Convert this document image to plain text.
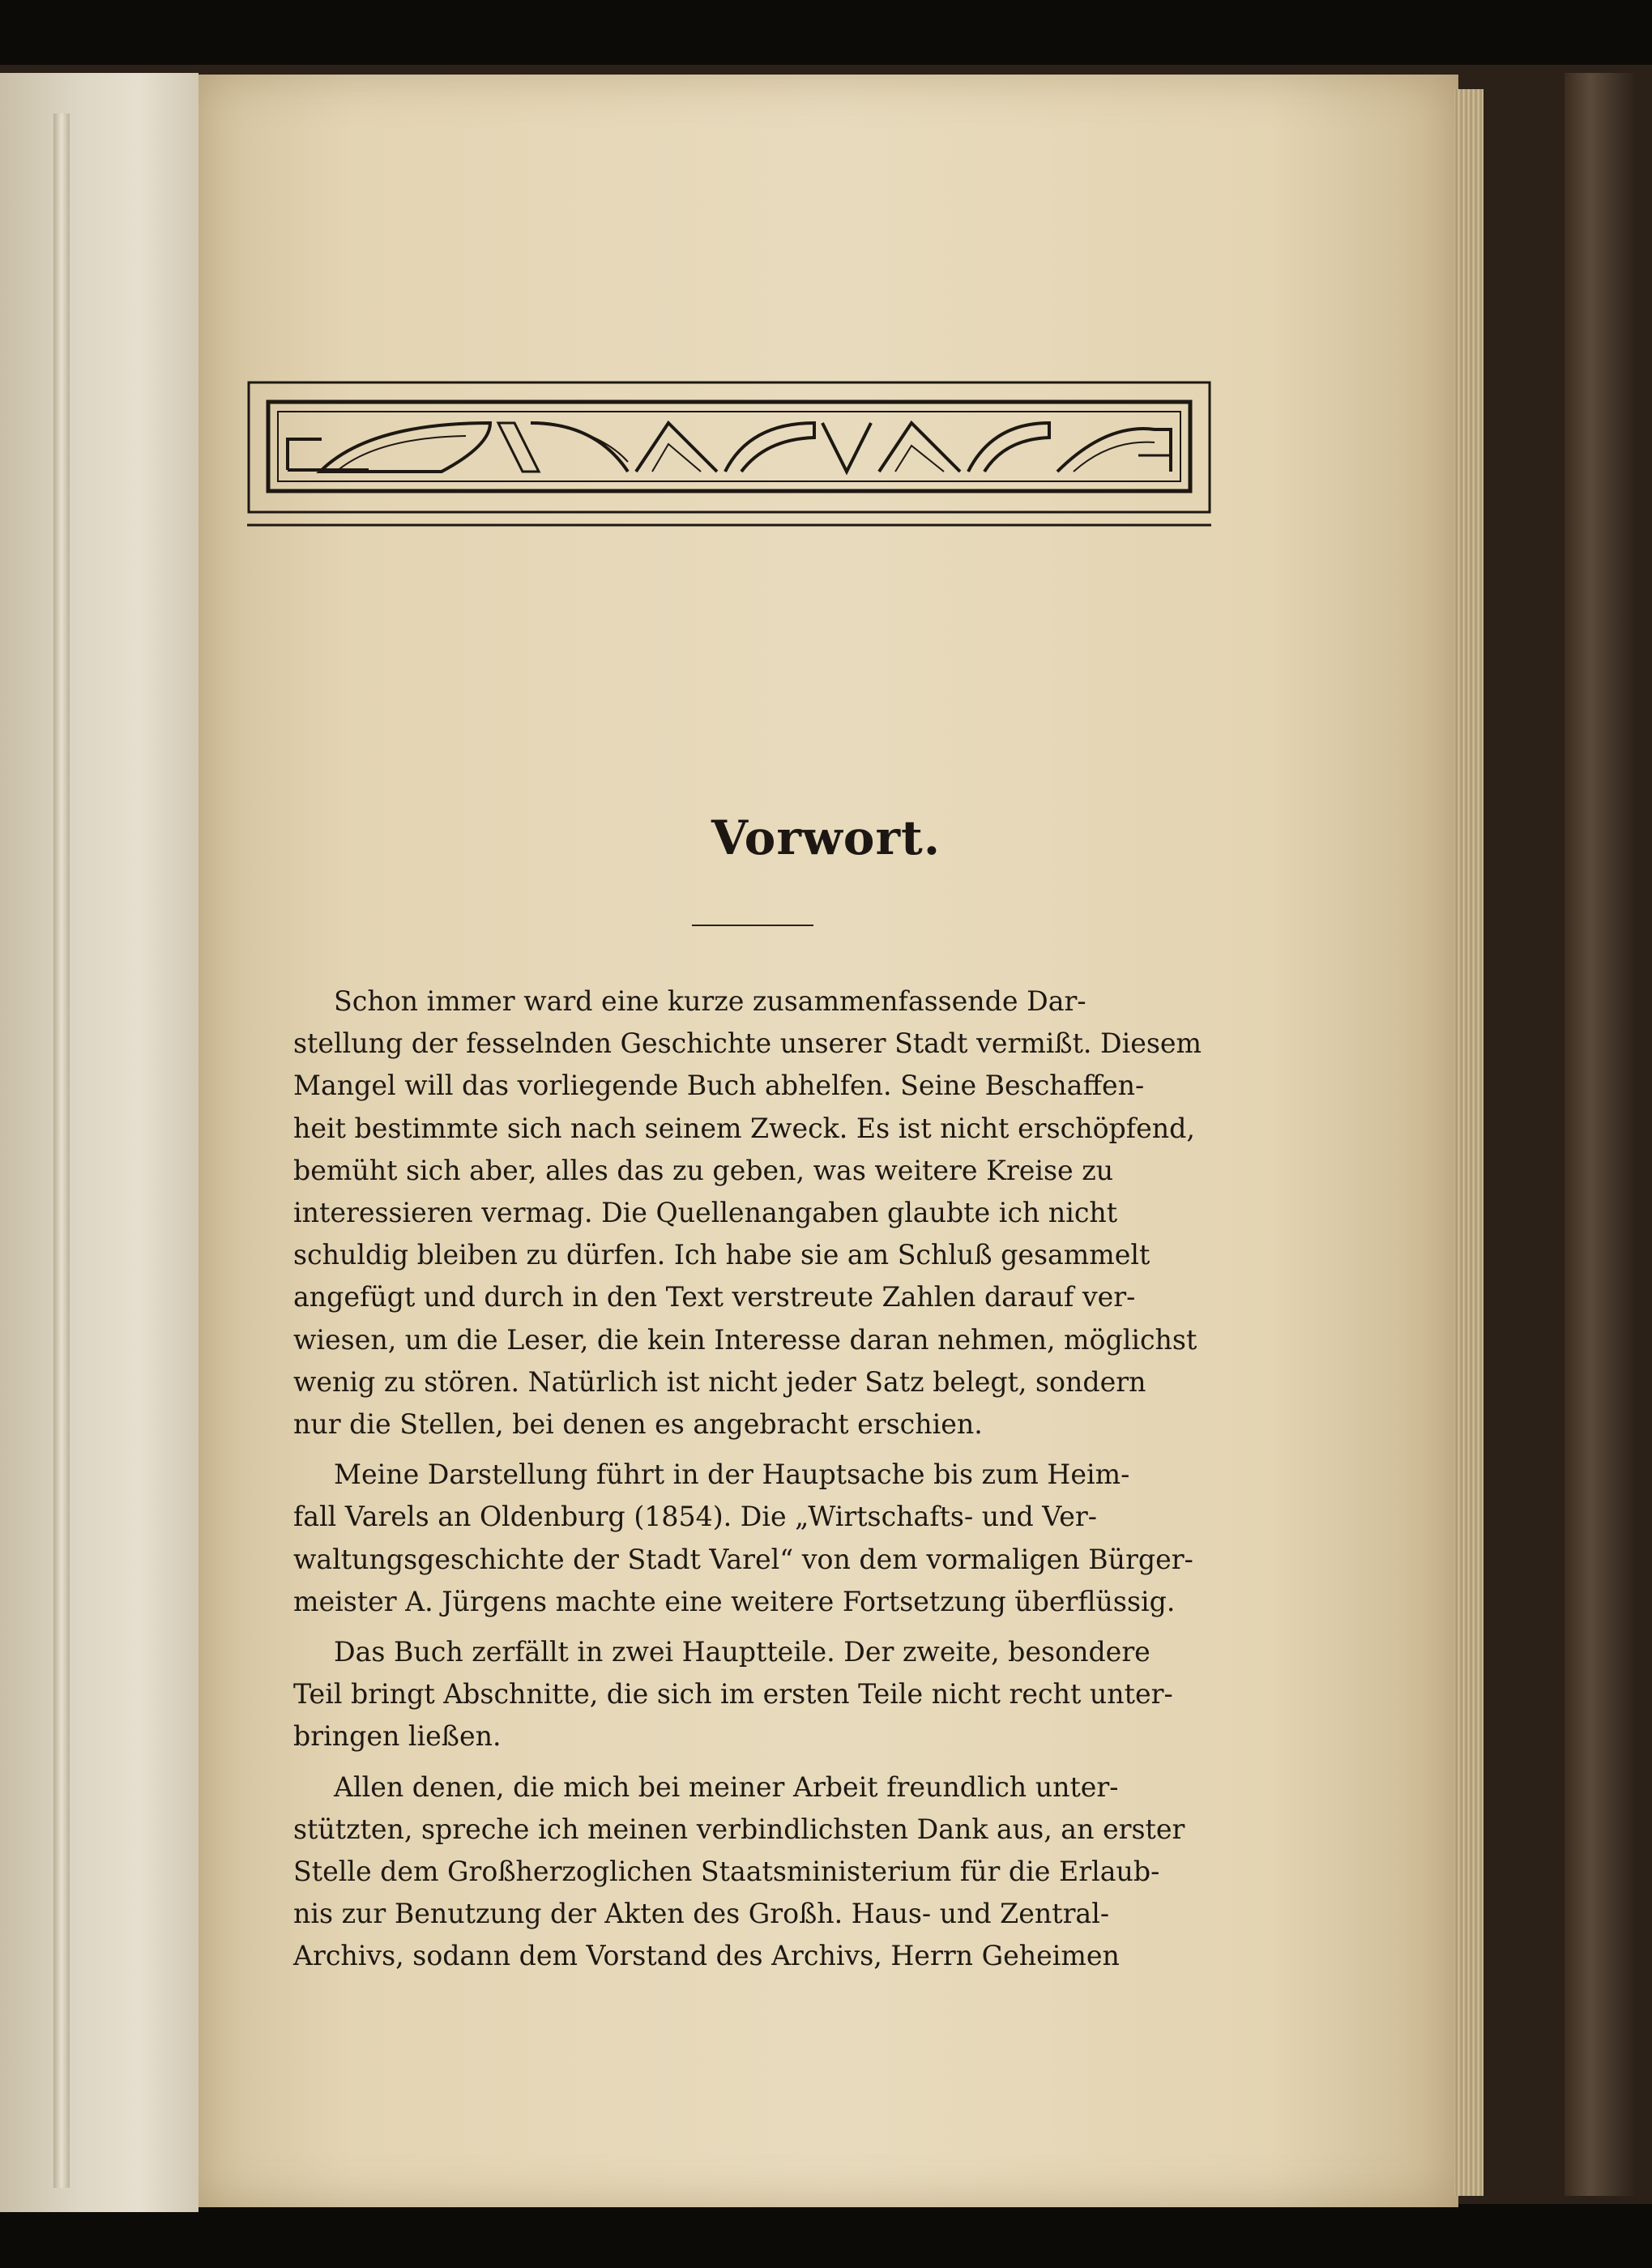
Vorwort.

Schon immer ward eine kurze zusammenfassende Dar-
stellung der fesselnden Geschichte unserer Stadt vermißt. Diesem
Mangel will das vorliegende Buch abhelfen. Seine Beschaffen-
heit bestimmte sich nach seinem Zweck. Es ist nicht erschöpfend,
bemüht sich aber, alles das zu geben, was weitere Kreise zu
interessieren vermag. Die Quellenangaben glaubte ich nicht
schuldig bleiben zu dürfen. Ich habe sie am Schluß gesammelt
angefügt und durch in den Text verstreute Zahlen darauf ver-
wiesen, um die Leser, die kein Interesse daran nehmen, möglichst
wenig zu stören. Natürlich ist nicht jeder Satz belegt, sondern
nur die Stellen, bei denen es angebracht erschien.

Meine Darstellung führt in der Hauptsache bis zum Heim-
fall Varels an Oldenburg (1854). Die „Wirtschafts- und Ver-
waltungsgeschichte der Stadt Varel“ von dem vormaligen Bürger-
meister A. Jürgens machte eine weitere Fortsetzung überflüssig.

Das Buch zerfällt in zwei Hauptteile. Der zweite, besondere
Teil bringt Abschnitte, die sich im ersten Teile nicht recht unter-
bringen ließen.

Allen denen, die mich bei meiner Arbeit freundlich unter-
stützten, spreche ich meinen verbindlichsten Dank aus, an erster
Stelle dem Großherzoglichen Staatsministerium für die Erlaub-
nis zur Benutzung der Akten des Großh. Haus- und Zentral-
Archivs, sodann dem Vorstand des Archivs, Herrn Geheimen
